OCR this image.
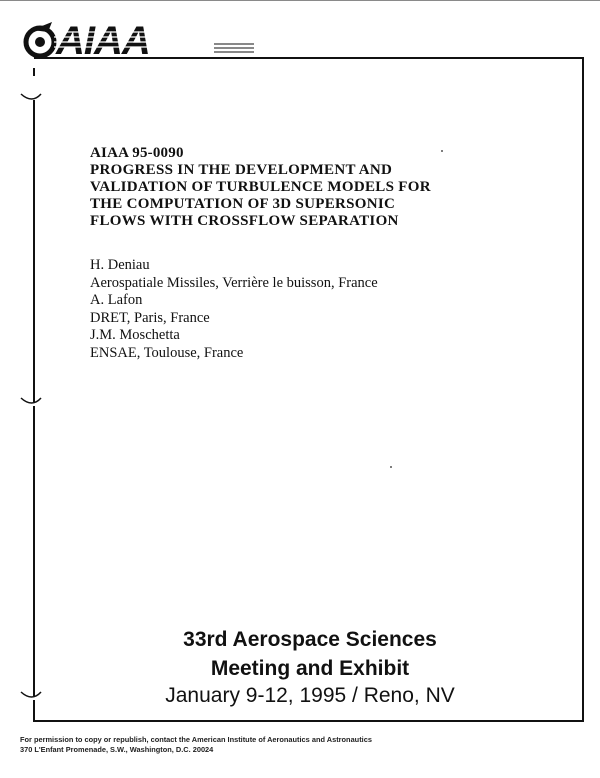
AIAA
AIAA 95-0090
PROGRESS IN THE DEVELOPMENT AND
VALIDATION OF TURBULENCE MODELS FOR
THE COMPUTATION OF 3D SUPERSONIC
FLOWS WITH CROSSFLOW SEPARATION
H. Deniau
Aerospatiale Missiles, Verrière le buisson, France
A. Lafon
DRET, Paris, France
J.M. Moschetta
ENSAE, Toulouse, France
33rd Aerospace Sciences
Meeting and Exhibit
January 9-12, 1995 / Reno, NV
For permission to copy or republish, contact the American Institute of Aeronautics and Astronautics
370 L'Enfant Promenade, S.W., Washington, D.C. 20024
